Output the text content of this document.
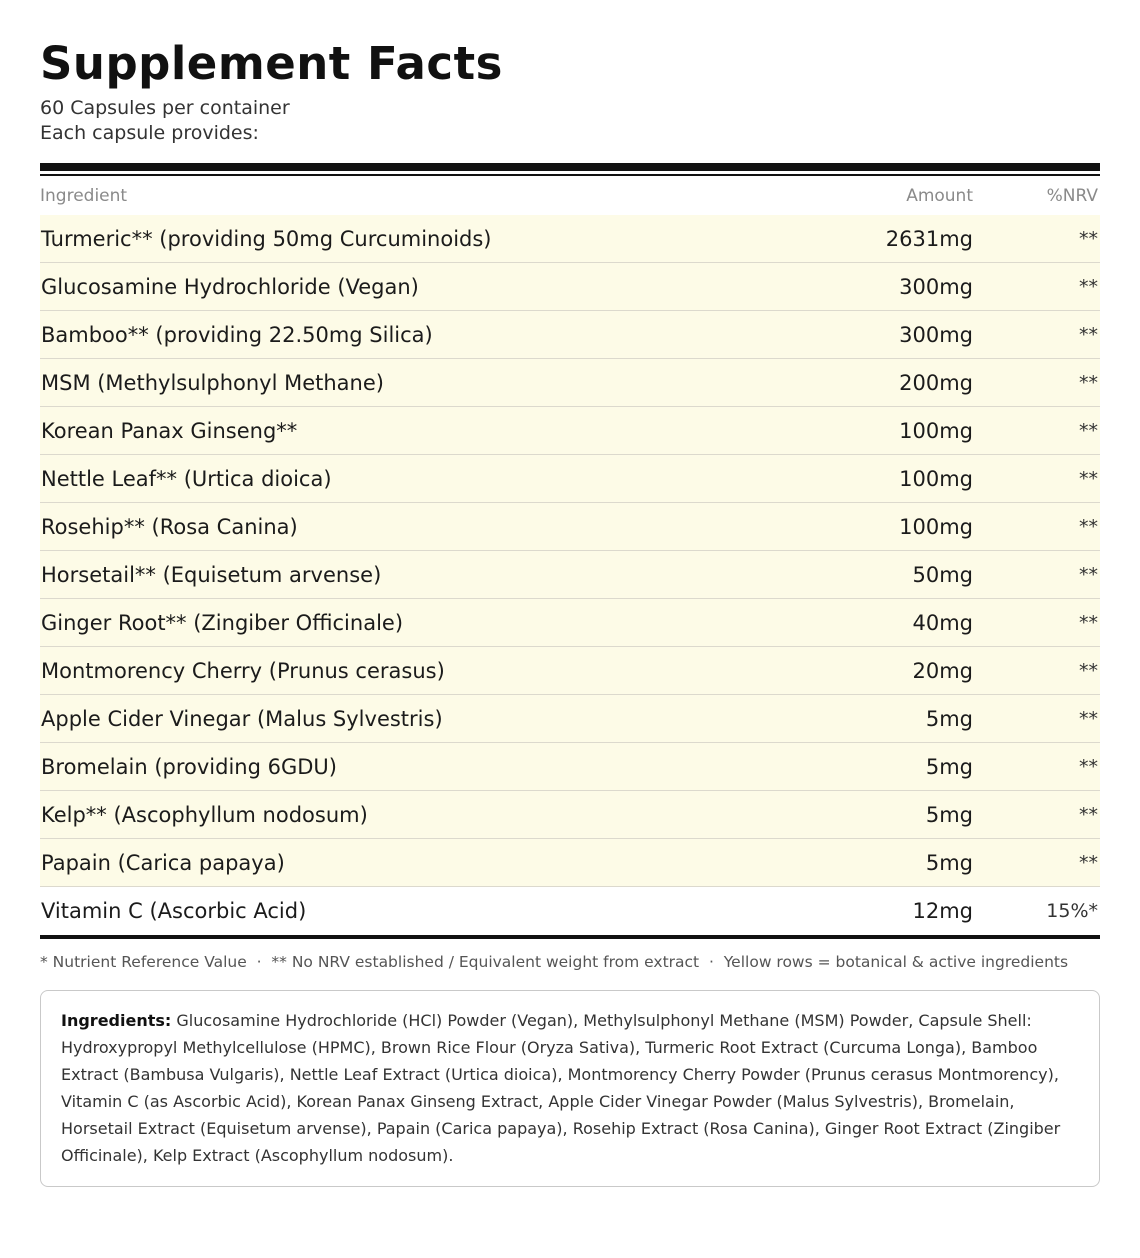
Supplement Facts

60 Capsules per container

Each capsule provides:

Ingredient	Amount	%NRV
Turmeric** (providing 50mg Curcuminoids)	2631mg	**
Glucosamine Hydrochloride (Vegan)	300mg	**
Bamboo** (providing 22.50mg Silica)	300mg	**
MSM (Methylsulphonyl Methane)	200mg	**
Korean Panax Ginseng**	100mg	**
Nettle Leaf** (Urtica dioica)	100mg	**
Rosehip** (Rosa Canina)	100mg	**
Horsetail** (Equisetum arvense)	50mg	**
Ginger Root** (Zingiber Officinale)	40mg	**
Montmorency Cherry (Prunus cerasus)	20mg	**
Apple Cider Vinegar (Malus Sylvestris)	5mg	**
Bromelain (providing 6GDU)	5mg	**
Kelp** (Ascophyllum nodosum)	5mg	**
Papain (Carica papaya)	5mg	**
Vitamin C (Ascorbic Acid)	12mg	15%*

* Nutrient Reference Value  ·  ** No NRV established / Equivalent weight from extract  ·  Yellow rows = botanical & active ingredients

Ingredients: Glucosamine Hydrochloride (HCl) Powder (Vegan), Methylsulphonyl Methane (MSM) Powder, Capsule Shell: Hydroxypropyl Methylcellulose (HPMC), Brown Rice Flour (Oryza Sativa), Turmeric Root Extract (Curcuma Longa), Bamboo Extract (Bambusa Vulgaris), Nettle Leaf Extract (Urtica dioica), Montmorency Cherry Powder (Prunus cerasus Montmorency), Vitamin C (as Ascorbic Acid), Korean Panax Ginseng Extract, Apple Cider Vinegar Powder (Malus Sylvestris), Bromelain, Horsetail Extract (Equisetum arvense), Papain (Carica papaya), Rosehip Extract (Rosa Canina), Ginger Root Extract (Zingiber Officinale), Kelp Extract (Ascophyllum nodosum).
